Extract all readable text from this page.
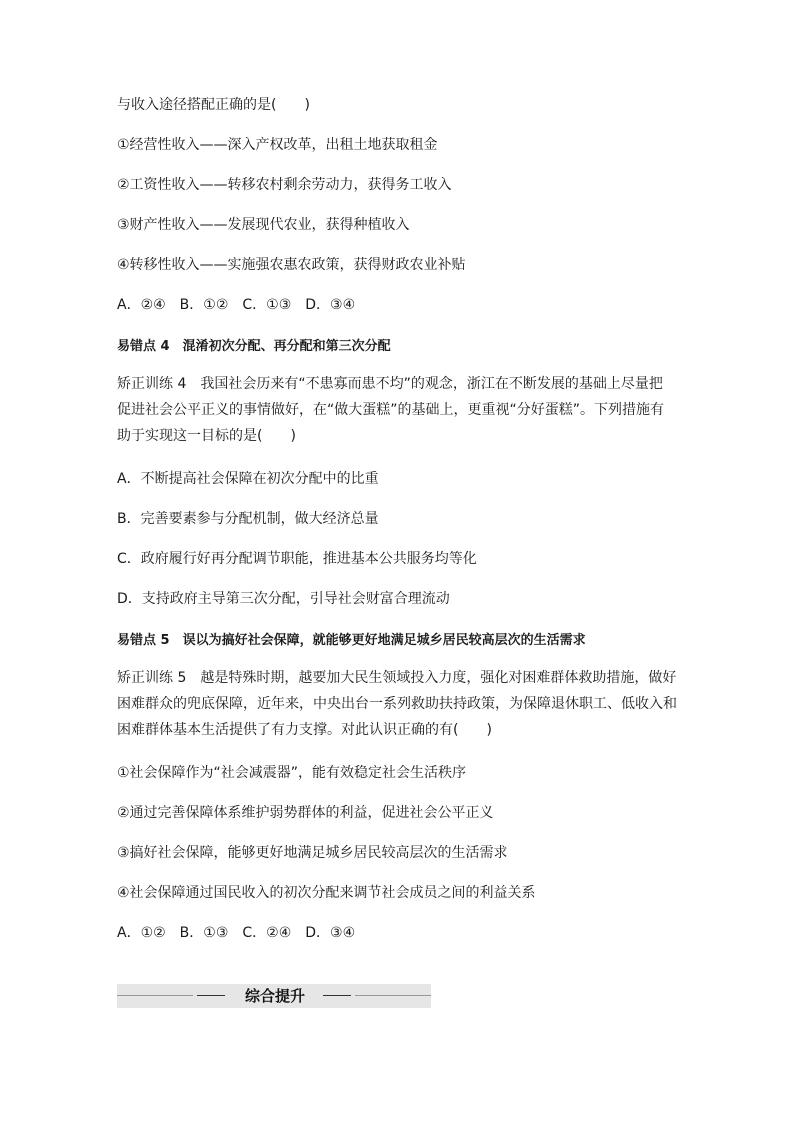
与收入途径搭配正确的是(　　)

①经营性收入——深入产权改革，出租土地获取租金

②工资性收入——转移农村剩余劳动力，获得务工收入

③财产性收入——发展现代农业，获得种植收入

④转移性收入——实施强农惠农政策，获得财政农业补贴

A．②④　B．①②　C．①③　D．③④

易错点 4　混淆初次分配、再分配和第三次分配

矫正训练 4　我国社会历来有“不患寡而患不均”的观念，浙江在不断发展的基础上尽量把

促进社会公平正义的事情做好，在“做大蛋糕”的基础上，更重视“分好蛋糕”。下列措施有

助于实现这一目标的是(　　)

A．不断提高社会保障在初次分配中的比重

B．完善要素参与分配机制，做大经济总量

C．政府履行好再分配调节职能，推进基本公共服务均等化

D．支持政府主导第三次分配，引导社会财富合理流动

易错点 5　误以为搞好社会保障，就能够更好地满足城乡居民较高层次的生活需求

矫正训练 5　越是特殊时期，越要加大民生领域投入力度，强化对困难群体救助措施，做好

困难群众的兜底保障，近年来，中央出台一系列救助扶持政策，为保障退休职工、低收入和

困难群体基本生活提供了有力支撑。对此认识正确的有(　　)

①社会保障作为“社会减震器”，能有效稳定社会生活秩序

②通过完善保障体系维护弱势群体的利益，促进社会公平正义

③搞好社会保障，能够更好地满足城乡居民较高层次的生活需求

④社会保障通过国民收入的初次分配来调节社会成员之间的利益关系

A．①②　B．①③　C．②④　D．③④

综合提升
